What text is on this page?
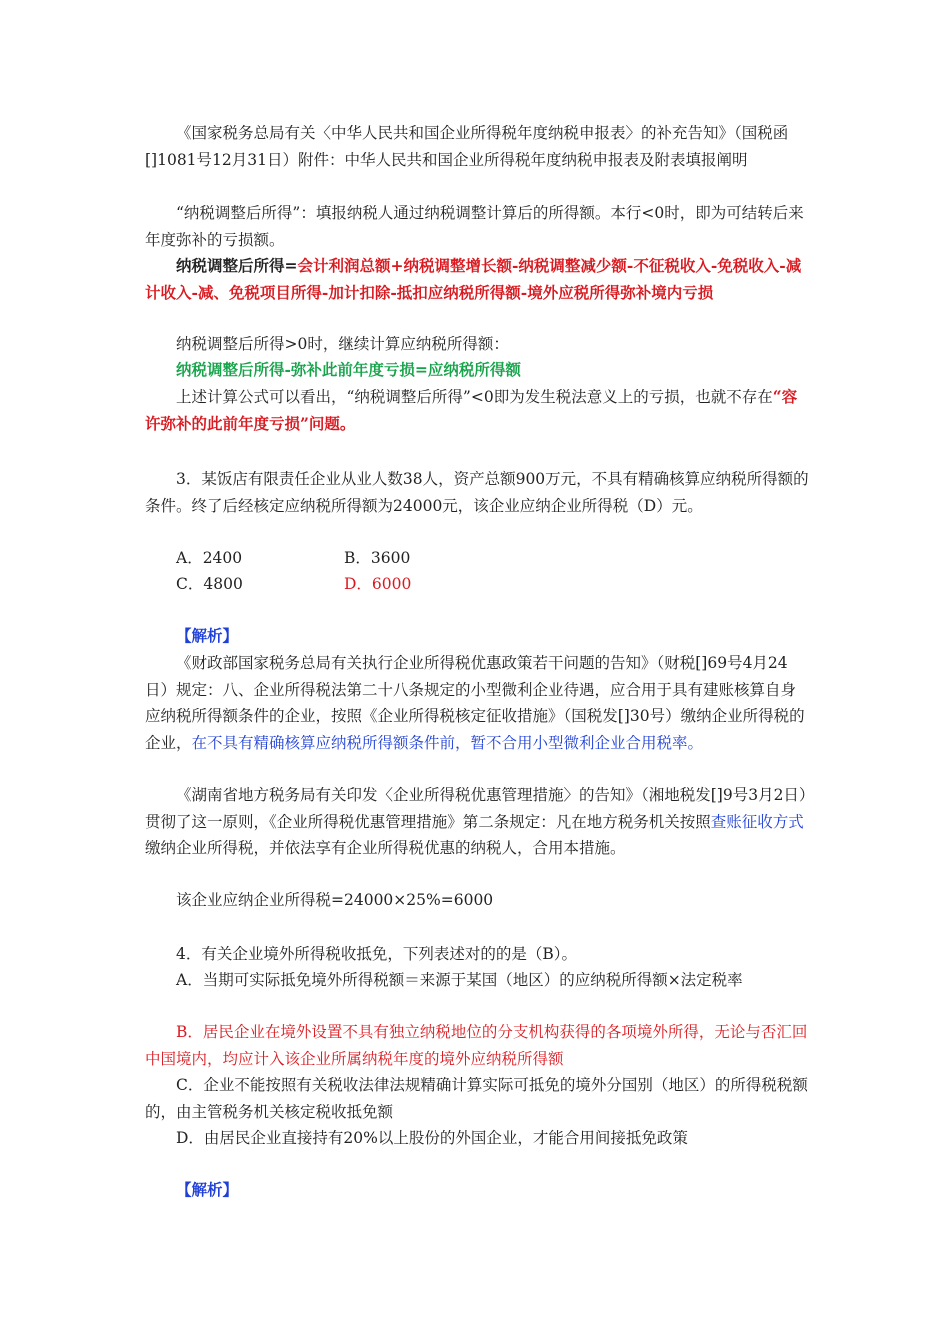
《国家税务总局有关〈中华人民共和国企业所得税年度纳税申报表〉的补充告知》（国税函[]1081号12月31日）附件：中华人民共和国企业所得税年度纳税申报表及附表填报阐明

“纳税调整后所得”：填报纳税人通过纳税调整计算后的所得额。本行<0时，即为可结转后来年度弥补的亏损额。

纳税调整后所得=会计利润总额+纳税调整增长额-纳税调整减少额-不征税收入-免税收入-减计收入-减、免税项目所得-加计扣除-抵扣应纳税所得额-境外应税所得弥补境内亏损

纳税调整后所得>0时，继续计算应纳税所得额：

纳税调整后所得-弥补此前年度亏损=应纳税所得额

上述计算公式可以看出，“纳税调整后所得”<0即为发生税法意义上的亏损，也就不存在“容许弥补的此前年度亏损”问题。

3．某饭店有限责任企业从业人数38人，资产总额900万元，不具有精确核算应纳税所得额的条件。终了后经核定应纳税所得额为24000元，该企业应纳企业所得税（D）元。

A．2400	B．3600
C．4800	D．6000

【解析】

《财政部国家税务总局有关执行企业所得税优惠政策若干问题的告知》（财税[]69号4月24日）规定：八、企业所得税法第二十八条规定的小型微利企业待遇，应合用于具有建账核算自身应纳税所得额条件的企业，按照《企业所得税核定征收措施》（国税发[]30号）缴纳企业所得税的企业，在不具有精确核算应纳税所得额条件前，暂不合用小型微利企业合用税率。

《湖南省地方税务局有关印发〈企业所得税优惠管理措施〉的告知》（湘地税发[]9号3月2日）贯彻了这一原则，《企业所得税优惠管理措施》第二条规定：凡在地方税务机关按照查账征收方式缴纳企业所得税，并依法享有企业所得税优惠的纳税人，合用本措施。

该企业应纳企业所得税=24000×25%=6000

4．有关企业境外所得税收抵免，下列表述对的的是（B）。

A．当期可实际抵免境外所得税额＝来源于某国（地区）的应纳税所得额×法定税率

B．居民企业在境外设置不具有独立纳税地位的分支机构获得的各项境外所得，无论与否汇回中国境内，均应计入该企业所属纳税年度的境外应纳税所得额

C．企业不能按照有关税收法律法规精确计算实际可抵免的境外分国别（地区）的所得税税额的，由主管税务机关核定税收抵免额

D．由居民企业直接持有20%以上股份的外国企业，才能合用间接抵免政策

【解析】
